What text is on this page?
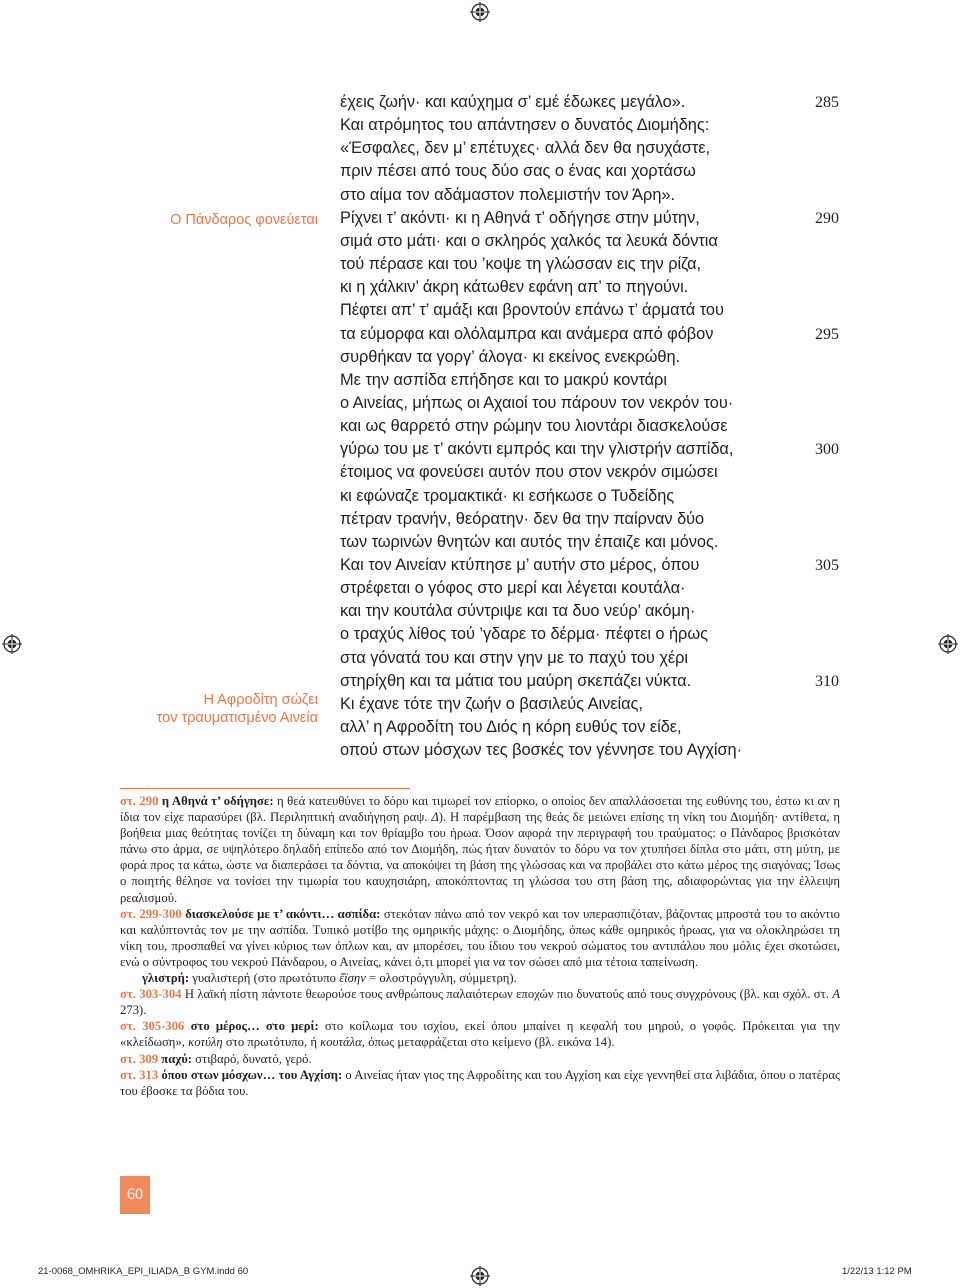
Ο Πάνδαρος φονεύεται
Η Αφροδίτη σώζει
τον τραυματισμένο Αινεία
έχεις ζωήν· και καύχημα σ’ εμέ έδωκες μεγάλο».
Και ατρόμητος του απάντησεν ο δυνατός Διομήδης:
«Έσφαλες, δεν μ’ επέτυχες· αλλά δεν θα ησυχάστε,
πριν πέσει από τους δύο σας ο ένας και χορτάσω
στο αίμα τον αδάμαστον πολεμιστήν τον Άρη».
Ρίχνει τ’ ακόντι· κι η Αθηνά τ’ οδήγησε στην μύτην,
σιμά στο μάτι· και ο σκληρός χαλκός τα λευκά δόντια
τού πέρασε και του ’κοψε τη γλώσσαν εις την ρίζα,
κι η χάλκιν’ άκρη κάτωθεν εφάνη απ’ το πηγούνι.
Πέφτει απ’ τ’ αμάξι και βροντούν επάνω τ’ άρματά του
τα εύμορφα και ολόλαμπρα και ανάμερα από φόβον
συρθήκαν τα γοργ’ άλογα· κι εκείνος ενεκρώθη.
Με την ασπίδα επήδησε και το μακρύ κοντάρι
ο Αινείας, μήπως οι Αχαιοί του πάρουν τον νεκρόν του·
και ως θαρρετό στην ρώμην του λιοντάρι διασκελούσε
γύρω του με τ’ ακόντι εμπρός και την γλιστρήν ασπίδα,
έτοιμος να φονεύσει αυτόν που στον νεκρόν σιμώσει
κι εφώναζε τρομακτικά· κι εσήκωσε ο Τυδείδης
πέτραν τρανήν, θεόρατην· δεν θα την παίρναν δύο
των τωρινών θνητών και αυτός την έπαιζε και μόνος.
Και τον Αινείαν κτύπησε μ’ αυτήν στο μέρος, όπου
στρέφεται ο γόφος στο μερί και λέγεται κουτάλα·
και την κουτάλα σύντριψε και τα δυο νεύρ’ ακόμη·
ο τραχύς λίθος τού ’γδαρε το δέρμα· πέφτει ο ήρως
στα γόνατά του και στην γην με το παχύ του χέρι
στηρίχθη και τα μάτια του μαύρη σκεπάζει νύκτα.
Κι έχανε τότε την ζωήν ο βασιλεύς Αινείας,
αλλ’ η Αφροδίτη του Διός η κόρη ευθύς τον είδε,
οπού στων μόσχων τες βοσκές τον γέννησε του Αγχίση·
285
290
295
300
305
310

στ. 290 η Αθηνά τ’ οδήγησε: η θεά κατευθύνει το δόρυ και τιμωρεί τον επίορκο, ο οποίος δεν απαλλάσσεται της ευθύνης του, έστω κι αν η ίδια τον είχε παρασύρει (βλ. Περιληπτική αναδιήγηση ραψ. Δ). Η παρέμβαση της θεάς δε μειώνει επίσης τη νίκη του Διομήδη· αντίθετα, η βοήθεια μιας θεότητας τονίζει τη δύναμη και τον θρίαμβο του ήρωα. Όσον αφορά την περιγραφή του τραύματος: ο Πάνδαρος βρισκόταν πάνω στο άρμα, σε υψηλότερο δηλαδή επίπεδο από τον Διομήδη, πώς ήταν δυνατόν το δόρυ να τον χτυπήσει δίπλα στο μάτι, στη μύτη, με φορά προς τα κάτω, ώστε να διαπεράσει τα δόντια, να αποκόψει τη βάση της γλώσσας και να προβάλει στο κάτω μέρος της σιαγόνας; Ίσως ο ποιητής θέλησε να τονίσει την τιμωρία του καυχησιάρη, αποκόπτοντας τη γλώσσα του στη βάση της, αδιαφορώντας για την έλλειψη ρεαλισμού.

στ. 299-300 διασκελούσε με τ’ ακόντι… ασπίδα: στεκόταν πάνω από τον νεκρό και τον υπερασπιζόταν, βάζοντας μπροστά του το ακόντιο και καλύπτοντάς τον με την ασπίδα. Τυπικό μοτίβο της ομηρικής μάχης: ο Διομήδης, όπως κάθε ομηρικός ήρωας, για να ολοκληρώσει τη νίκη του, προσπαθεί να γίνει κύριος των όπλων και, αν μπορέσει, του ίδιου του νεκρού σώματος του αντιπάλου που μόλις έχει σκοτώσει, ενώ ο σύντροφος του νεκρού Πάνδαρου, ο Αινείας, κάνει ό,τι μπορεί για να τον σώσει από μια τέτοια ταπείνωση.

γλιστρή: γυαλιστερή (στο πρωτότυπο ἔϊσην = ολοστρόγγυλη, σύμμετρη).

στ. 303-304 Η λαϊκή πίστη πάντοτε θεωρούσε τους ανθρώπους παλαιότερων εποχών πιο δυνατούς από τους συγχρόνους (βλ. και σχόλ. στ. Α 273).

στ. 305-306 στο μέρος… στο μερί: στο κοίλωμα του ισχίου, εκεί όπου μπαίνει η κεφαλή του μηρού, ο γοφός. Πρόκειται για την «κλείδωση», κοτύλη στο πρωτότυπο, ή κουτάλα, όπως μεταφράζεται στο κείμενο (βλ. εικόνα 14).

στ. 309 παχύ: στιβαρό, δυνατό, γερό.

στ. 313 όπου στων μόσχων… του Αγχίση: ο Αινείας ήταν γιος της Αφροδίτης και του Αγχίση και είχε γεννηθεί στα λιβάδια, όπου ο πατέρας του έβοσκε τα βόδια του.

60
21-0068_OMHRIKA_EPI_ILIADA_B GYM.indd 60	1/22/13 1:12 PM
